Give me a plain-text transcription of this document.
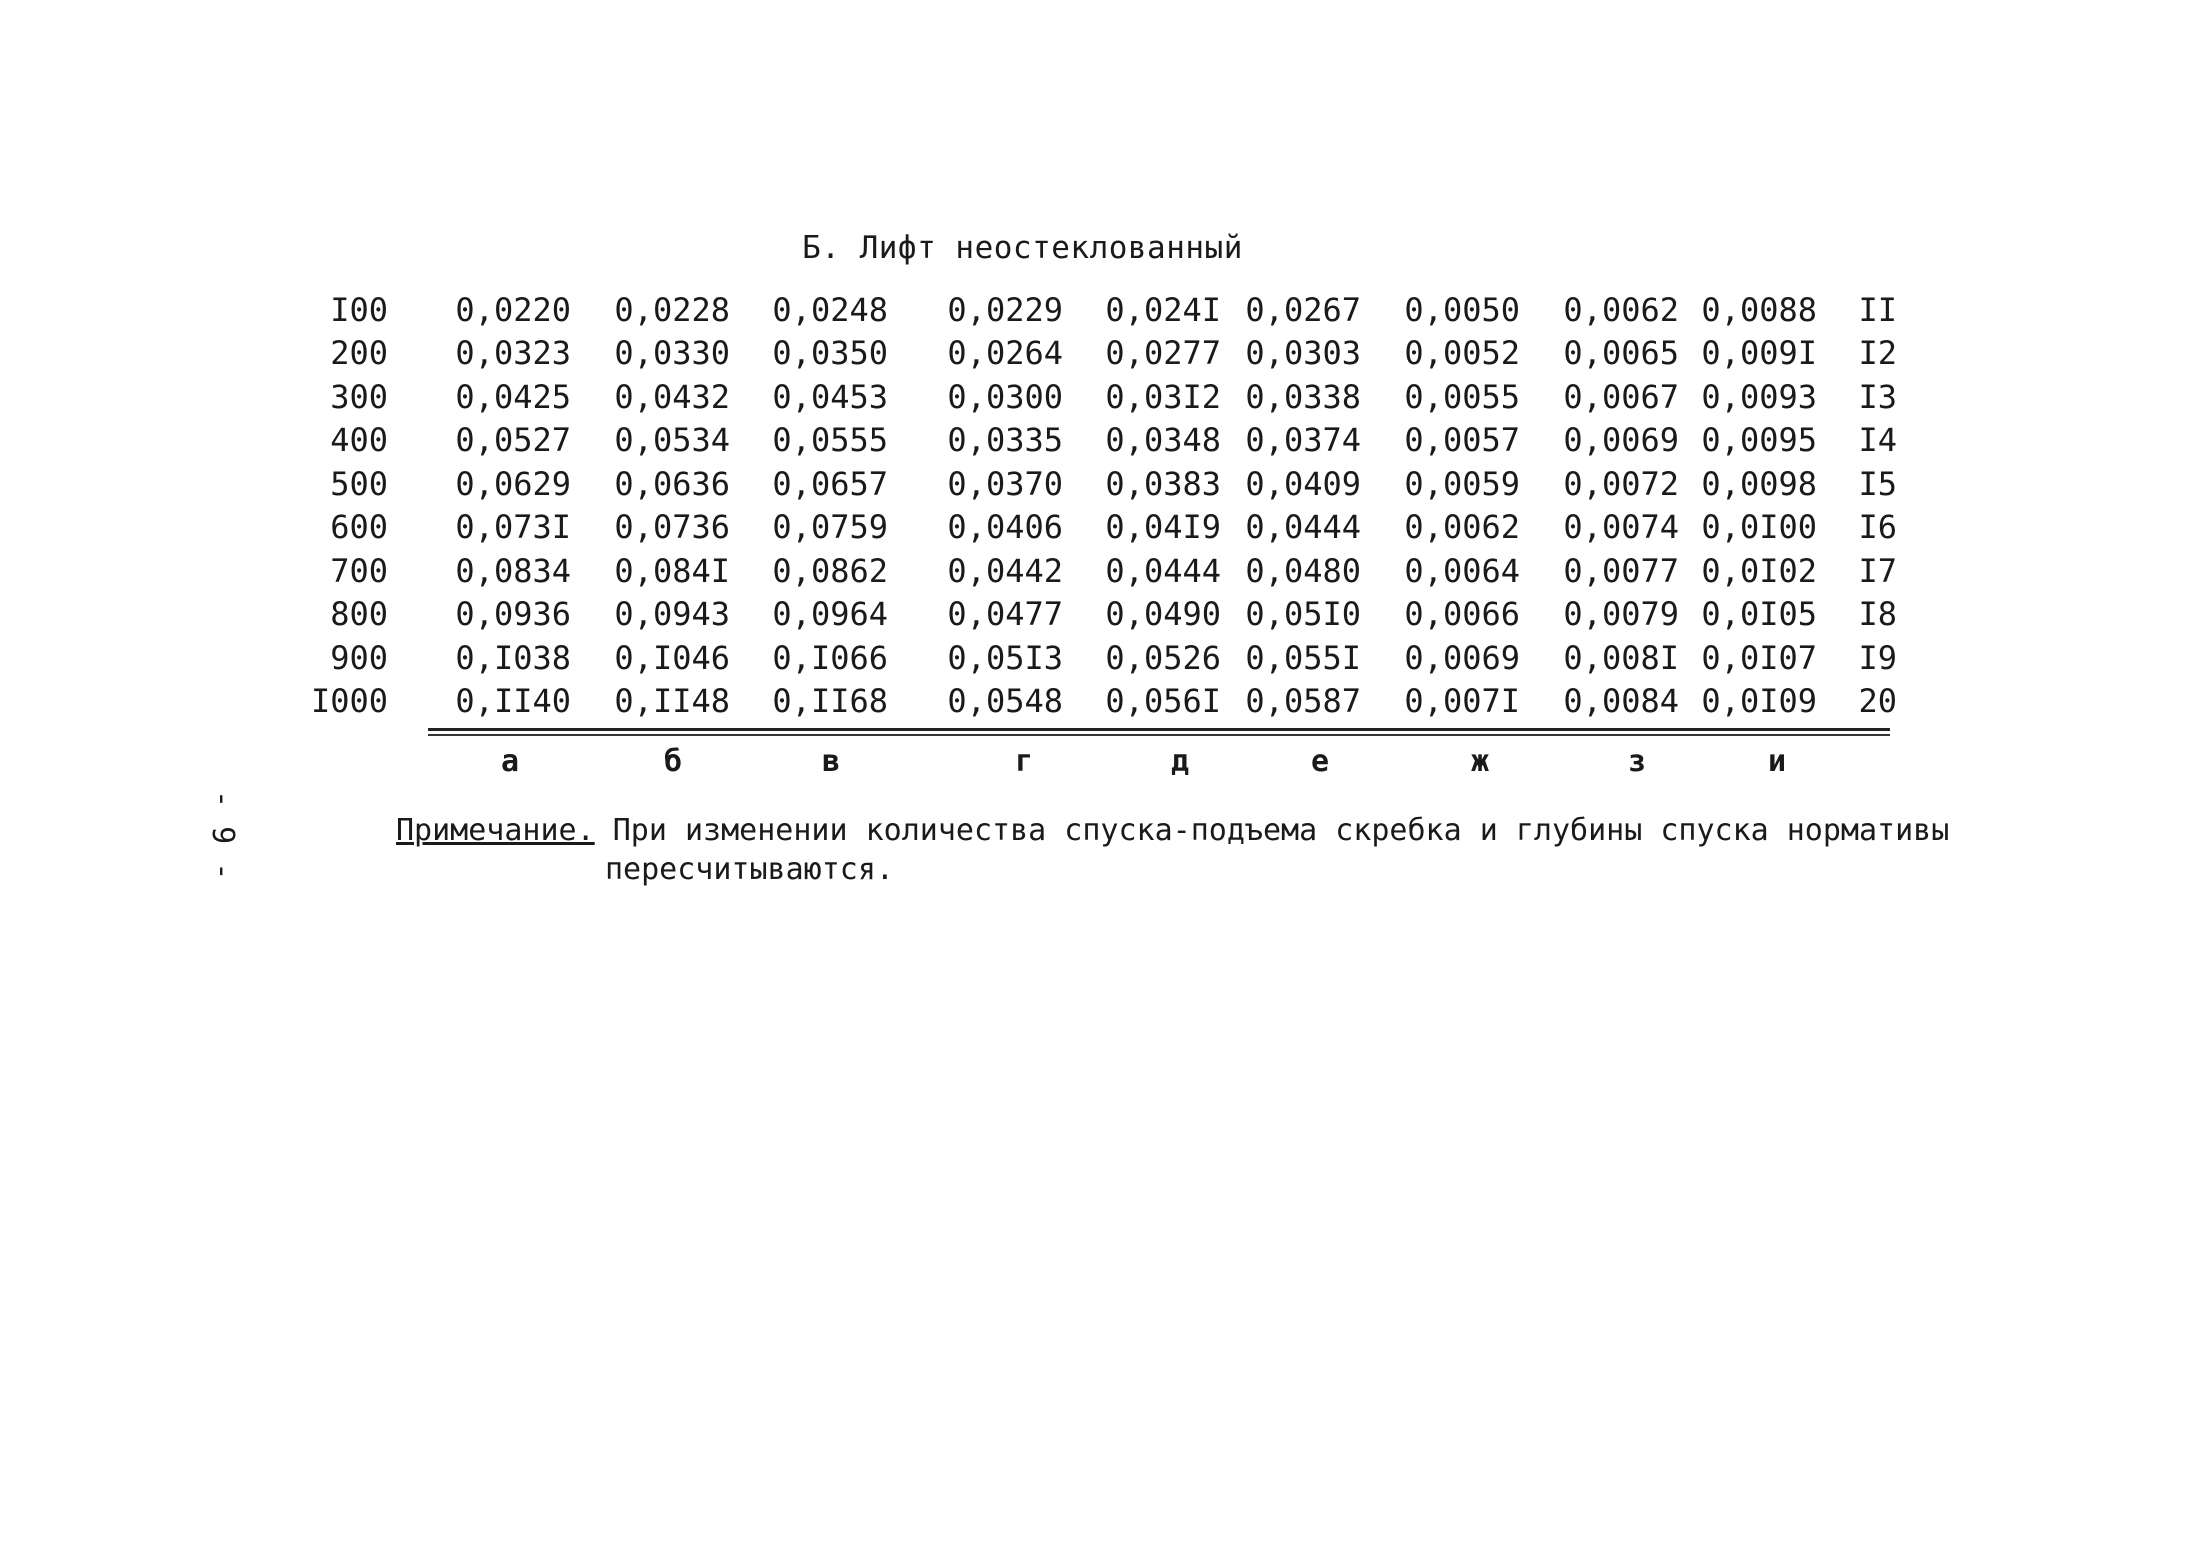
Б. Лифт неостеклованный
I00	0,0220	0,0228	0,0248	0,0229	0,024I	0,0267	0,0050	0,0062	0,0088	II
200	0,0323	0,0330	0,0350	0,0264	0,0277	0,0303	0,0052	0,0065	0,009I	I2
300	0,0425	0,0432	0,0453	0,0300	0,03I2	0,0338	0,0055	0,0067	0,0093	I3
400	0,0527	0,0534	0,0555	0,0335	0,0348	0,0374	0,0057	0,0069	0,0095	I4
500	0,0629	0,0636	0,0657	0,0370	0,0383	0,0409	0,0059	0,0072	0,0098	I5
600	0,073I	0,0736	0,0759	0,0406	0,04I9	0,0444	0,0062	0,0074	0,0I00	I6
700	0,0834	0,084I	0,0862	0,0442	0,0444	0,0480	0,0064	0,0077	0,0I02	I7
800	0,0936	0,0943	0,0964	0,0477	0,0490	0,05I0	0,0066	0,0079	0,0I05	I8
900	0,I038	0,I046	0,I066	0,05I3	0,0526	0,055I	0,0069	0,008I	0,0I07	I9
I000	0,II40	0,II48	0,II68	0,0548	0,056I	0,0587	0,007I	0,0084	0,0I09	20
а	б	в	г	д	е	ж	з	и
- 9 -	Примечание. При изменении количества спуска-подъема скребка и глубины спуска нормативы
пересчитываются.
